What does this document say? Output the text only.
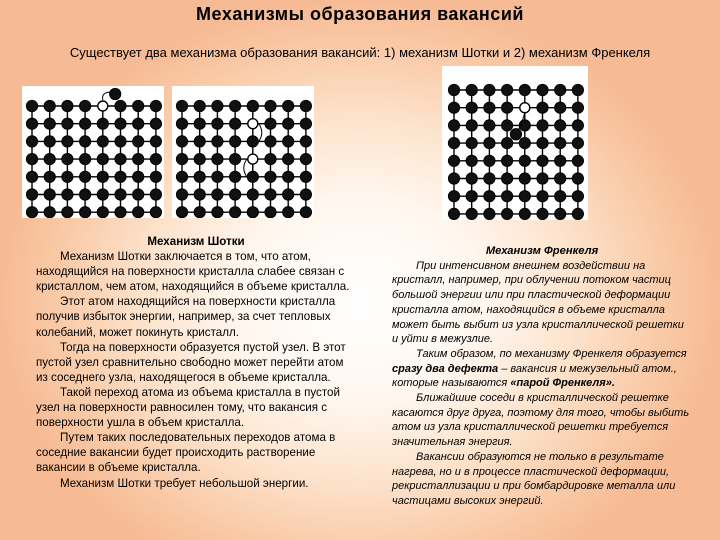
Механизмы образования вакансий
Существует два механизма образования вакансий: 1) механизм Шотки и 2) механизм Френкеля
Механизм Шотки

Механизм Шотки заключается в том, что атом, находящийся на поверхности кристалла слабее связан с кристаллом, чем атом, находящийся в объеме кристалла.

Этот атом находящийся на поверхности кристалла получив избыток энергии, например, за счет тепловых колебаний, может покинуть кристалл.

Тогда на поверхности образуется пустой узел. В этот пустой узел сравнительно свободно может перейти атом из соседнего узла, находящегося в объеме кристалла.

Такой переход атома из объема кристалла в пустой узел на поверхности равносилен тому, что вакансия с поверхности ушла в объем кристалла.

Путем таких последовательных переходов атома в соседние вакансии будет происходить растворение вакансии в объеме кристалла.

Механизм Шотки требует небольшой энергии.

Механизм Френкеля

При интенсивном внешнем воздействии на кристалл, например, при облучении потоком частиц большой энергии или при пластической деформации кристалла атом, находящийся в объеме кристалла может быть выбит из узла кристаллической решетки и уйти в межузлие.

Таким образом, по механизму Френкеля образуется сразу два дефекта – вакансия и межузельный атом., которые называются «парой Френкеля».

Ближайшие соседи в кристаллической решетке касаются друг друга, поэтому для того, чтобы выбить атом из узла кристаллической решетки требуется значительная энергия.

Вакансии образуются не только в результате нагрева, но и в процессе пластической деформации, рекристаллизации и при бомбардировке металла или частицами высоких энергий.
